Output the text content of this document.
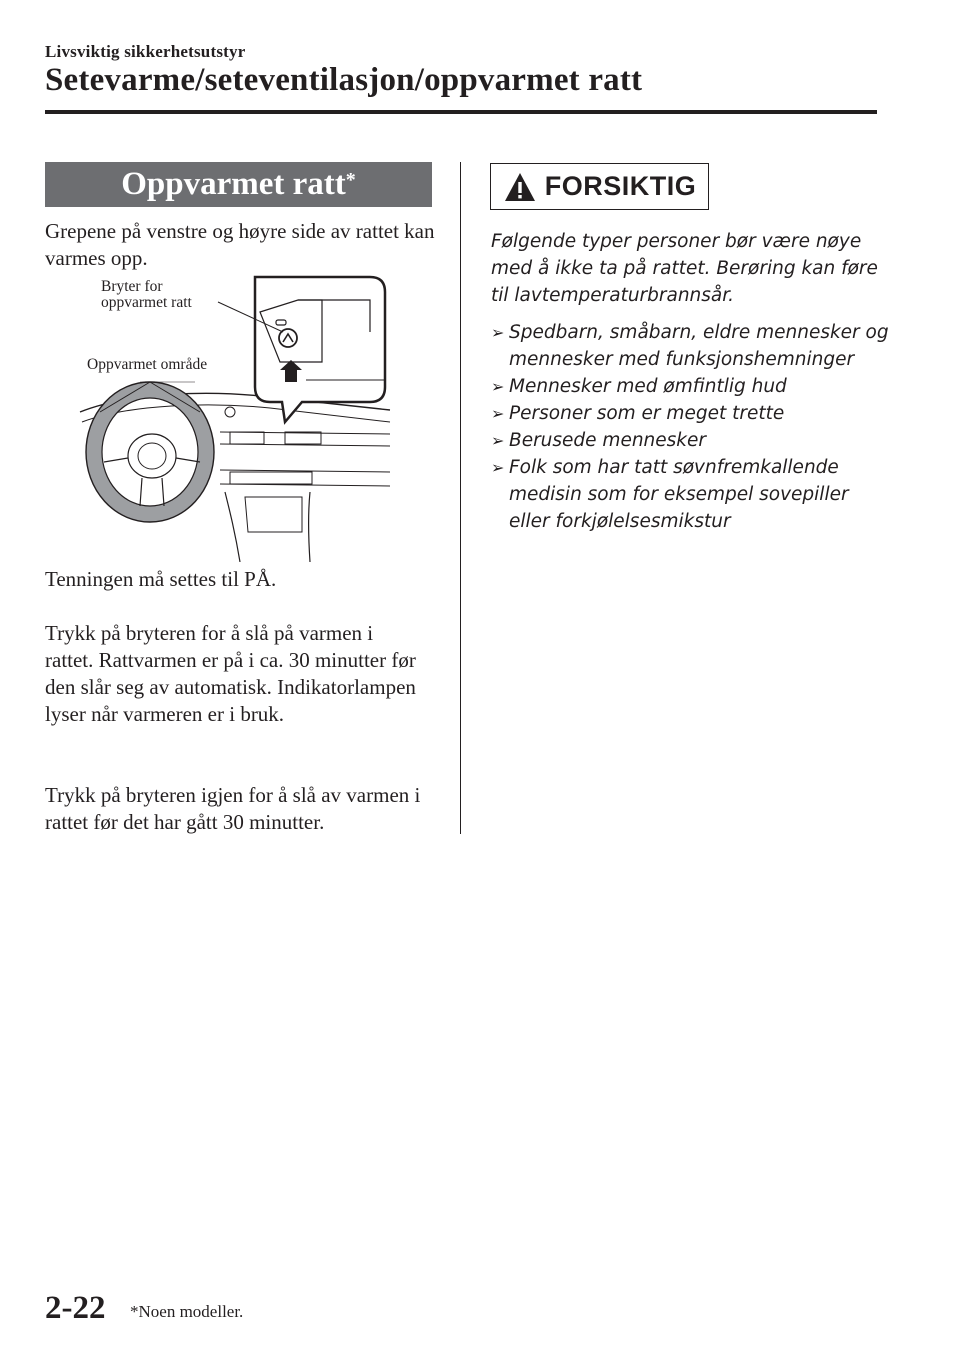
Livsviktig sikkerhetsutstyr
Setevarme/seteventilasjon/oppvarmet ratt
Oppvarmet ratt*
Grepene på venstre og høyre side av rattet kan varmes opp.
Bryter for
oppvarmet ratt
Oppvarmet område
Tenningen må settes til PÅ.
Trykk på bryteren for å slå på varmen i rattet. Rattvarmen er på i ca. 30 minutter før den slår seg av automatisk. Indikatorlampen lyser når varmeren er i bruk.
Trykk på bryteren igjen for å slå av varmen i rattet før det har gått 30 minutter.
FORSIKTIG
Følgende typer personer bør være nøye med å ikke ta på rattet. Berøring kan føre til lavtemperaturbrannsår.
➢ Spedbarn, småbarn, eldre mennesker og mennesker med funksjonshemninger
➢ Mennesker med ømfintlig hud
➢ Personer som er meget trette
➢ Berusede mennesker
➢ Folk som har tatt søvnfremkallende medisin som for eksempel sovepiller eller forkjølelsesmikstur
2-22 *Noen modeller.
